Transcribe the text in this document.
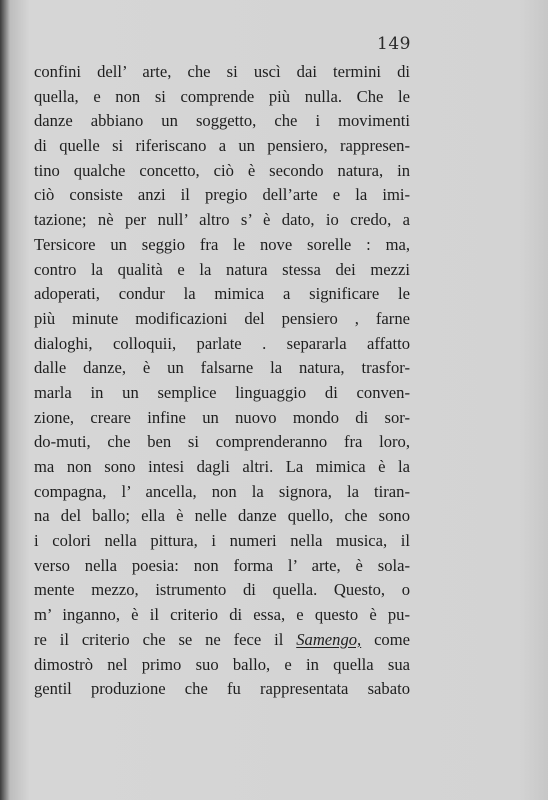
149
confini dell’ arte, che si uscì dai termini di
quella, e non si comprende più nulla. Che le
danze abbiano un soggetto, che i movimenti
di quelle si riferiscano a un pensiero, rappresen-
tino qualche concetto, ciò è secondo natura, in
ciò consiste anzi il pregio dell’arte e la imi-
tazione; nè per null’ altro s’ è dato, io credo, a
Tersicore un seggio fra le nove sorelle : ma,
contro la qualità e la natura stessa dei mezzi
adoperati, condur la mimica a significare le
più minute modificazioni del pensiero , farne
dialoghi, colloquii, parlate . separarla affatto
dalle danze, è un falsarne la natura, trasfor-
marla in un semplice linguaggio di conven-
zione, creare infine un nuovo mondo di sor-
do-muti, che ben si comprenderanno fra loro,
ma non sono intesi dagli altri. La mimica è la
compagna, l’ ancella, non la signora, la tiran-
na del ballo; ella è nelle danze quello, che sono
i colori nella pittura, i numeri nella musica, il
verso nella poesia: non forma l’ arte, è sola-
mente mezzo, istrumento di quella. Questo, o
m’ inganno, è il criterio di essa, e questo è pu-
re il criterio che se ne fece il Samengo, come
dimostrò nel primo suo ballo, e in quella sua
gentil produzione che fu rappresentata sabato
